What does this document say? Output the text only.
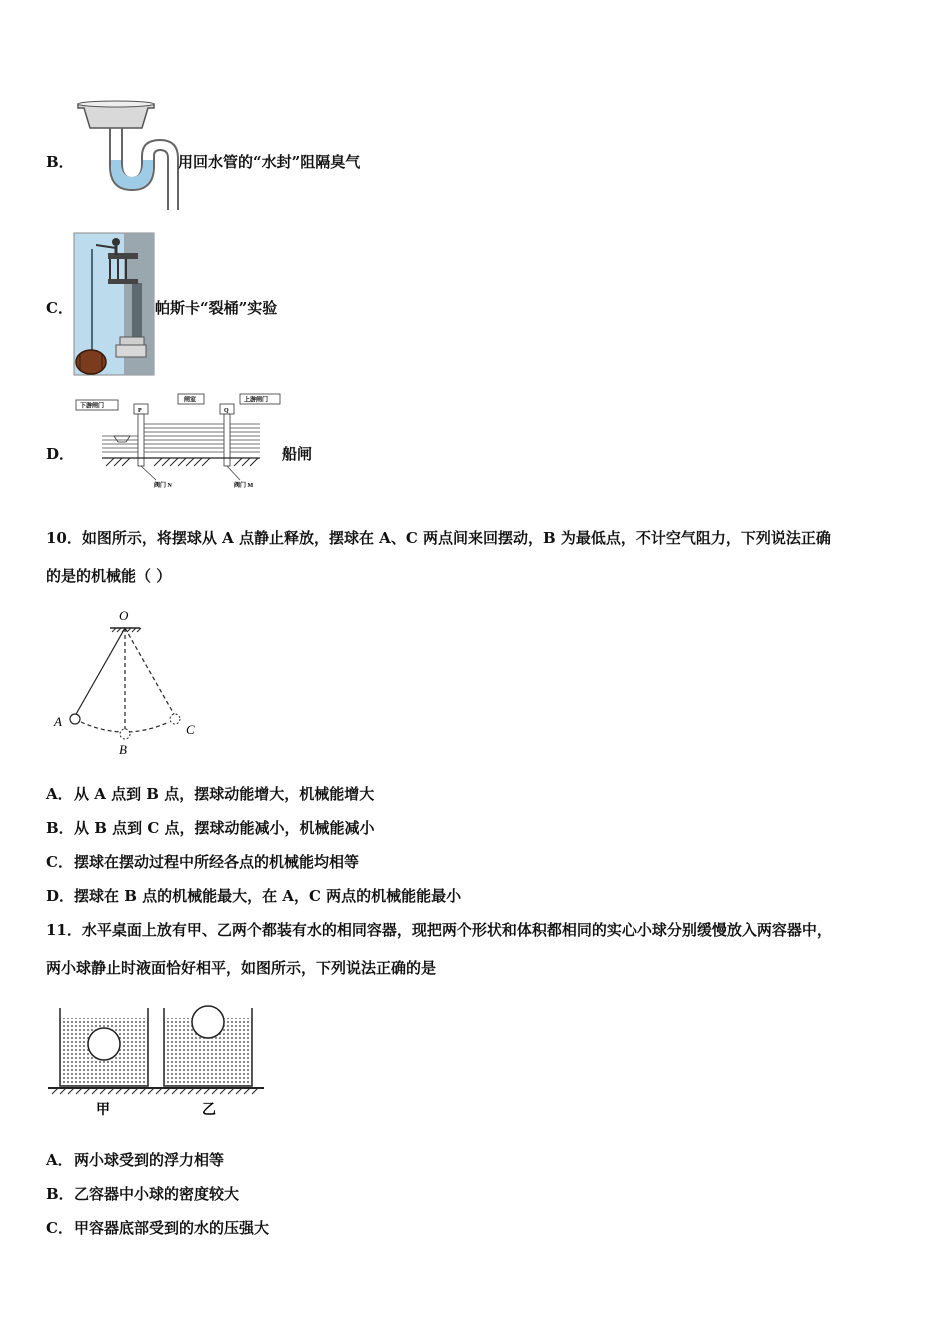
B．	用回水管的“水封”阻隔臭气
C．	帕斯卡“裂桶”实验
D．
下游闸门
闸室	上游闸门
P	Q
阀门 N	阀门 M
船闸
10．如图所示，将摆球从 A 点静止释放，摆球在 A、C 两点间来回摆动，B 为最低点，不计空气阻力，下列说法正确
的是的机械能（ ）
O
A
B
C
A．从 A 点到 B 点，摆球动能增大，机械能增大
B．从 B 点到 C 点，摆球动能减小，机械能减小
C．摆球在摆动过程中所经各点的机械能均相等
D．摆球在 B 点的机械能最大，在 A，C 两点的机械能能最小
11．水平桌面上放有甲、乙两个都装有水的相同容器，现把两个形状和体积都相同的实心小球分别缓慢放入两容器中，
两小球静止时液面恰好相平，如图所示，下列说法正确的是
甲	乙
A．两小球受到的浮力相等
B．乙容器中小球的密度较大
C．甲容器底部受到的水的压强大
